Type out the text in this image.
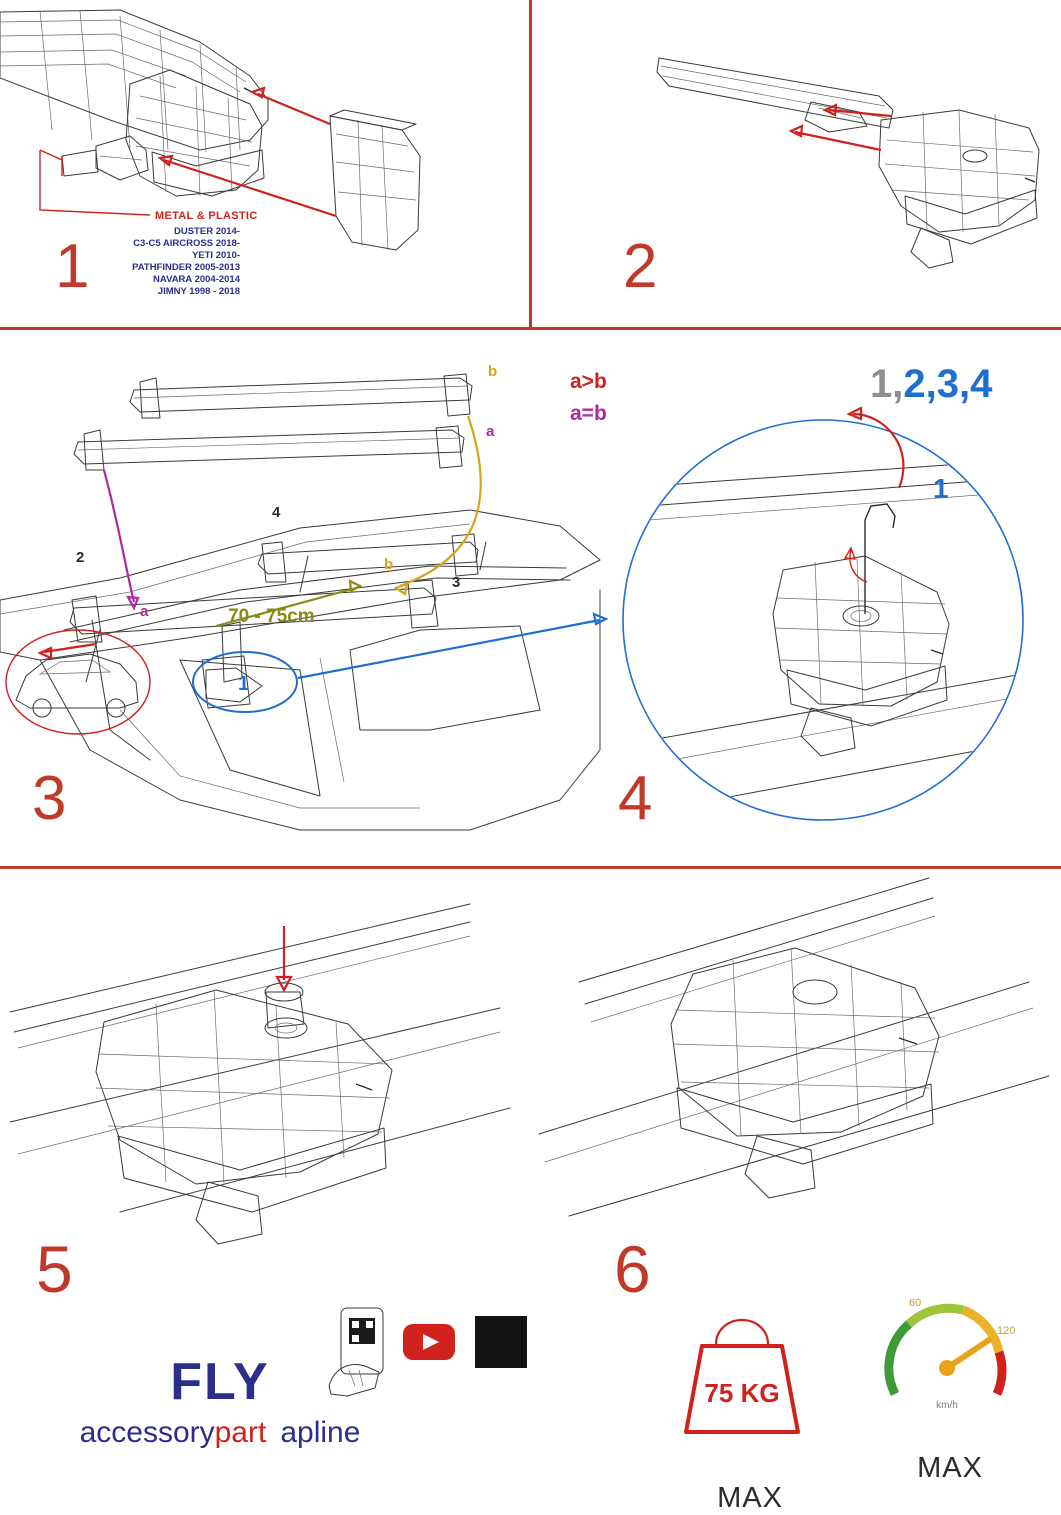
METAL & PLASTIC
DUSTER 2014-
C3-C5 AIRCROSS 2018-
YETI 2010-
PATHFINDER 2005-2013
NAVARA 2004-2014
JIMNY 1998 - 2018
1	2
b
a
a
b
70 - 75cm
2
4
3
1
a>b
a=b
3
1
1,2,3,4
4
5	6
FLY
accessorypart apline
75 KG
MAX
60
120
km/h
MAX
